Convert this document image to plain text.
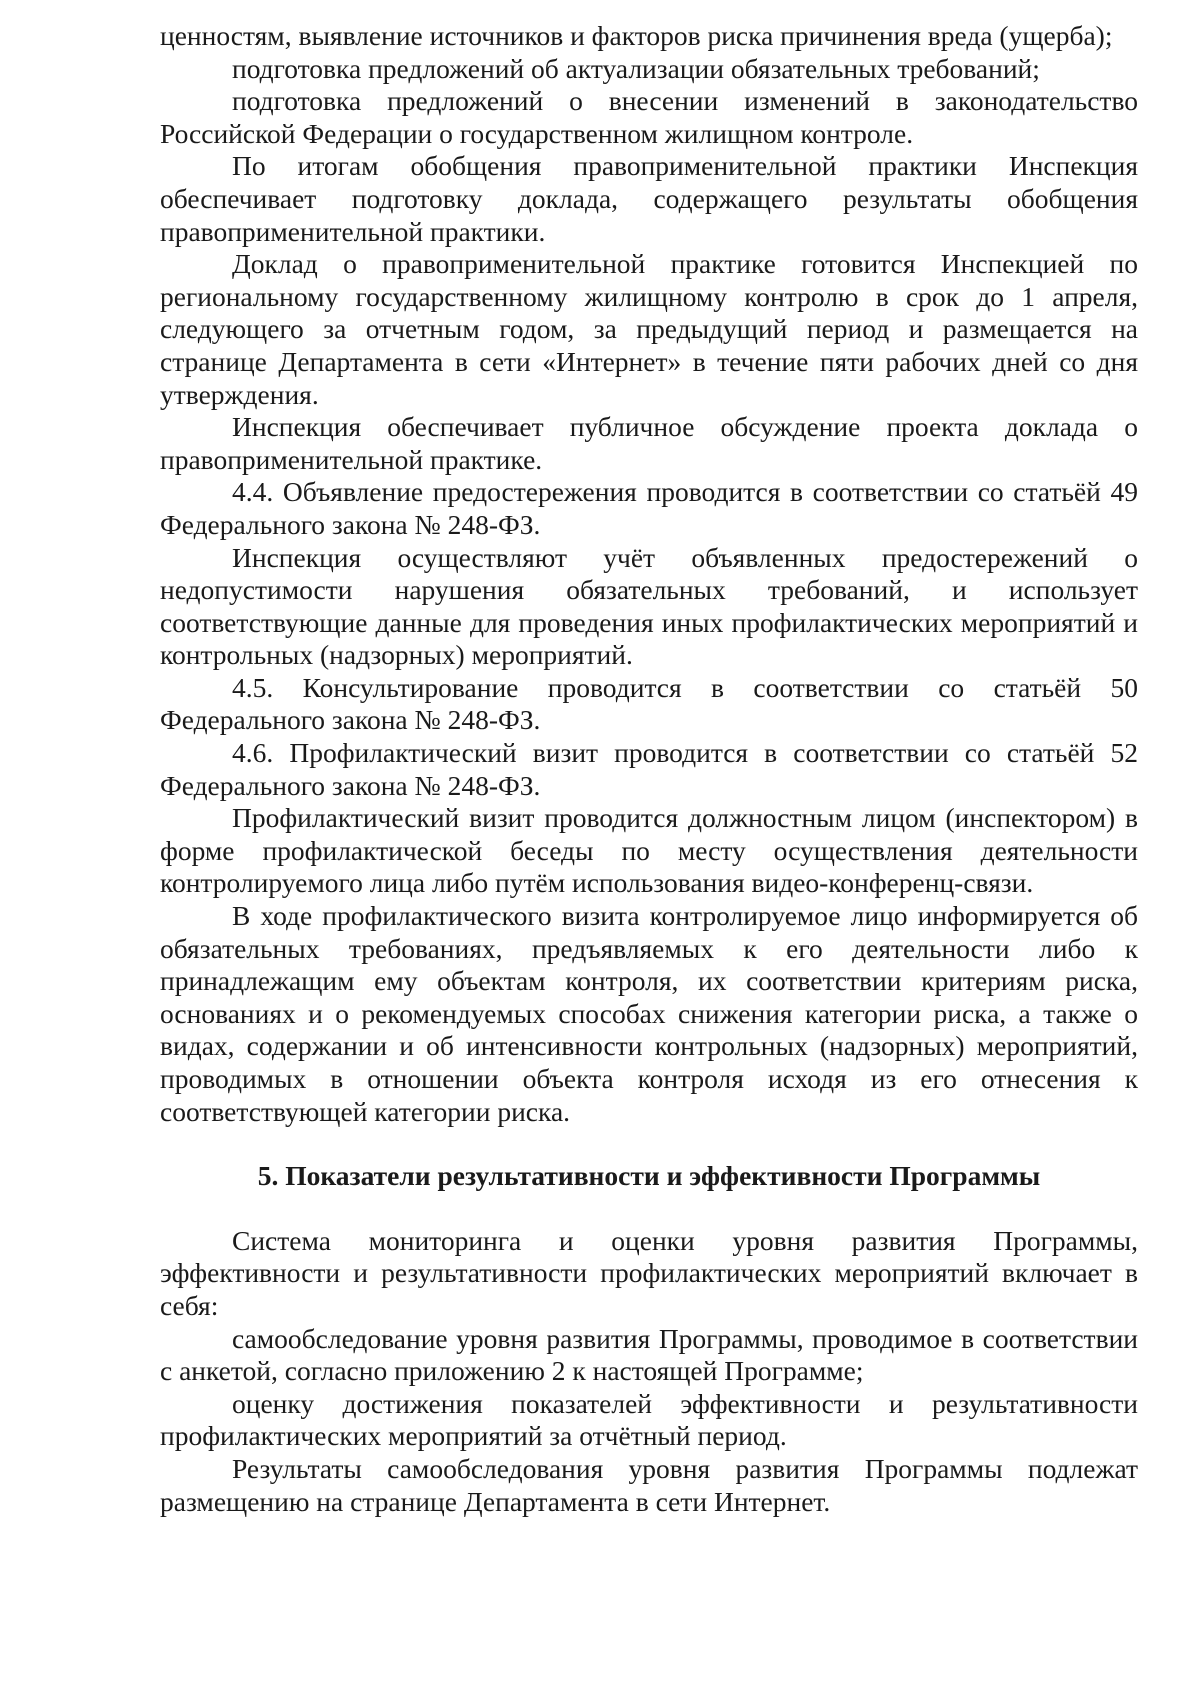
ценностям, выявление источников и факторов риска причинения вреда (ущерба);

подготовка предложений об актуализации обязательных требований;

подготовка предложений о внесении изменений в законодательство Российской Федерации о государственном жилищном контроле.

По итогам обобщения правоприменительной практики Инспекция обеспечивает подготовку доклада, содержащего результаты обобщения правоприменительной практики.

Доклад о правоприменительной практике готовится Инспекцией по региональному государственному жилищному контролю в срок до 1 апреля, следующего за отчетным годом, за предыдущий период и размещается на странице Департамента в сети «Интернет» в течение пяти рабочих дней со дня утверждения.

Инспекция обеспечивает публичное обсуждение проекта доклада о правоприменительной практике.

4.4. Объявление предостережения проводится в соответствии со статьёй 49 Федерального закона № 248-ФЗ.

Инспекция осуществляют учёт объявленных предостережений о недопустимости нарушения обязательных требований, и использует соответствующие данные для проведения иных профилактических мероприятий и контрольных (надзорных) мероприятий.

4.5. Консультирование проводится в соответствии со статьёй 50 Федерального закона № 248-ФЗ.

4.6. Профилактический визит проводится в соответствии со статьёй 52 Федерального закона № 248-ФЗ.

Профилактический визит проводится должностным лицом (инспектором) в форме профилактической беседы по месту осуществления деятельности контролируемого лица либо путём использования видео-конференц-связи.

В ходе профилактического визита контролируемое лицо информируется об обязательных требованиях, предъявляемых к его деятельности либо к принадлежащим ему объектам контроля, их соответствии критериям риска, основаниях и о рекомендуемых способах снижения категории риска, а также о видах, содержании и об интенсивности контрольных (надзорных) мероприятий, проводимых в отношении объекта контроля исходя из его отнесения к соответствующей категории риска.

5. Показатели результативности и эффективности Программы

Система мониторинга и оценки уровня развития Программы, эффективности и результативности профилактических мероприятий включает в себя:

самообследование уровня развития Программы, проводимое в соответствии с анкетой, согласно приложению 2 к настоящей Программе;

оценку достижения показателей эффективности и результативности профилактических мероприятий за отчётный период.

Результаты самообследования уровня развития Программы подлежат размещению на странице Департамента в сети Интернет.
